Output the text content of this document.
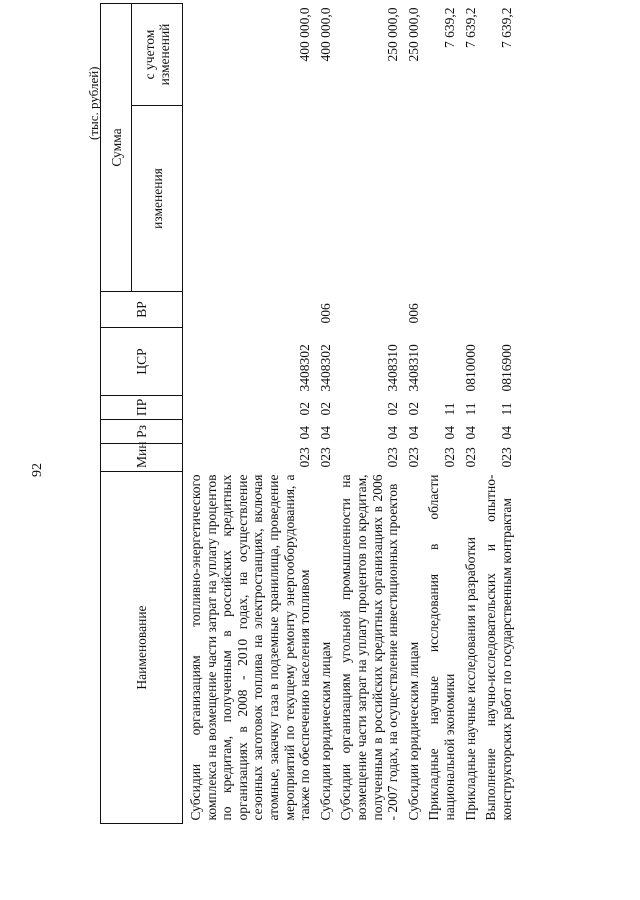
92
(тыс. рублей)
Наименование	Мин	Рз	ПР	ЦСР	ВР	Сумма	
						изменения	с учетом изменений
Субсидии организациям топливно-энергетического комплекса на возмещение части затрат на уплату процентов по кредитам, полученным в российских кредитных организациях в 2008 - 2010 годах, на осуществление сезонных заготовок топлива на электростанциях, включая атомные, закачку газа в подземные хранилища, проведение мероприятий по текущему ремонту энергооборудования, а также по обеспечению населения топливом	023	04	02	3408302			400 000,0
Субсидии юридическим лицам	023	04	02	3408302	006		400 000,0
Субсидии организациям угольной промышленности на возмещение части затрат на уплату процентов по кредитам, полученным в российских кредитных организациях в 2006 - 2007 годах, на осуществление инвестиционных проектов	023	04	02	3408310			250 000,0
Субсидии юридическим лицам	023	04	02	3408310	006		250 000,0
Прикладные научные исследования в области национальной экономики	023	04	11				7 639,2
Прикладные научные исследования и разработки	023	04	11	0810000			7 639,2
Выполнение научно-исследовательских и опытно-конструкторских работ по государственным контрактам	023	04	11	0816900			7 639,2
